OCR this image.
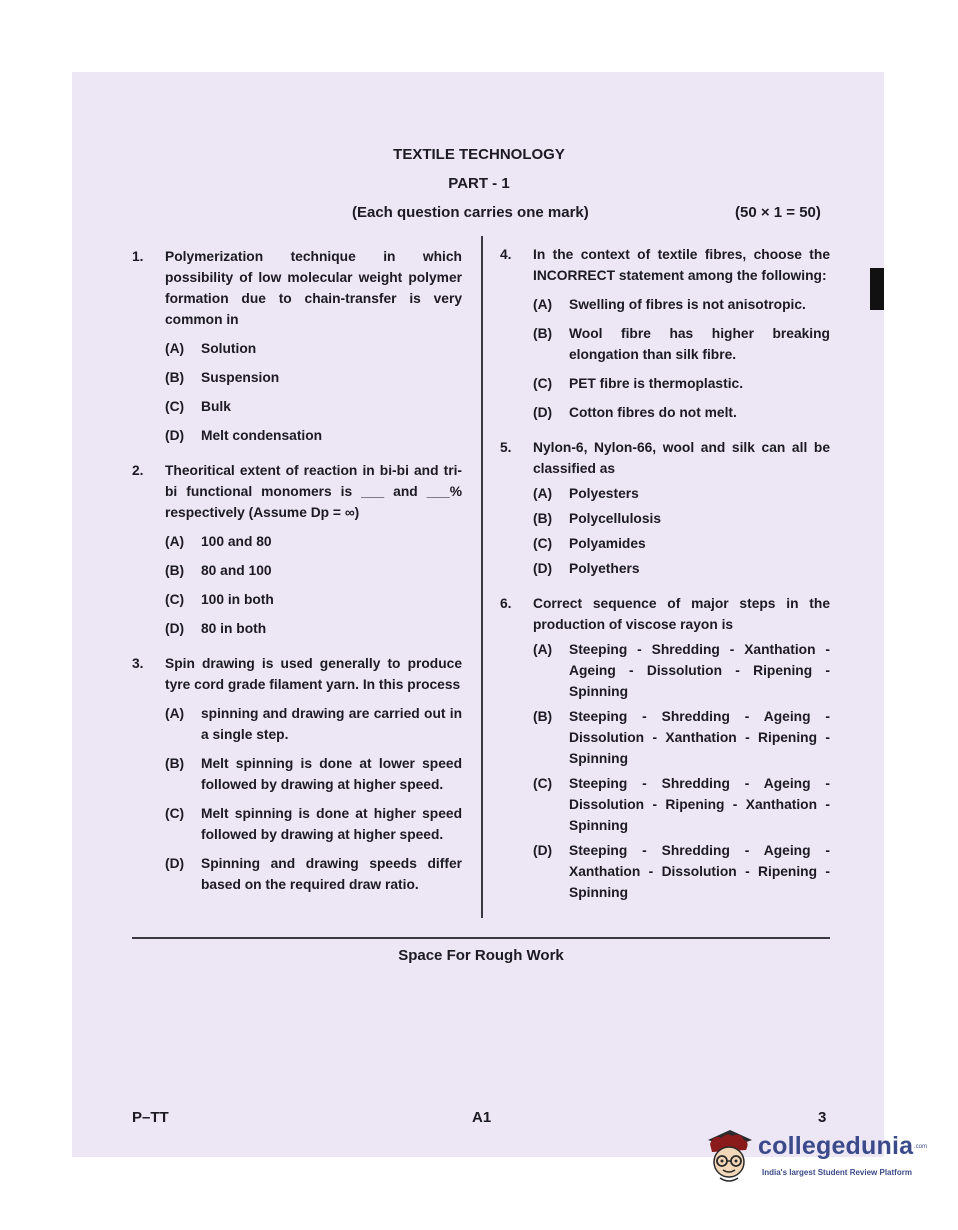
TEXTILE TECHNOLOGY
PART - 1
(Each question carries one mark)	(50 × 1 = 50)
1. Polymerization technique in which possibility of low molecular weight polymer formation due to chain-transfer is very common in
(A) Solution
(B) Suspension
(C) Bulk
(D) Melt condensation
2. Theoritical extent of reaction in bi-bi and tri-bi functional monomers is ___ and ___% respectively (Assume Dp = ∞)
(A) 100 and 80
(B) 80 and 100
(C) 100 in both
(D) 80 in both
3. Spin drawing is used generally to produce tyre cord grade filament yarn. In this process
(A) spinning and drawing are carried out in a single step.
(B) Melt spinning is done at lower speed followed by drawing at higher speed.
(C) Melt spinning is done at higher speed followed by drawing at higher speed.
(D) Spinning and drawing speeds differ based on the required draw ratio.
4. In the context of textile fibres, choose the INCORRECT statement among the following:
(A) Swelling of fibres is not anisotropic.
(B) Wool fibre has higher breaking elongation than silk fibre.
(C) PET fibre is thermoplastic.
(D) Cotton fibres do not melt.
5. Nylon-6, Nylon-66, wool and silk can all be classified as
(A) Polyesters
(B) Polycellulosis
(C) Polyamides
(D) Polyethers
6. Correct sequence of major steps in the production of viscose rayon is
(A) Steeping - Shredding - Xanthation - Ageing - Dissolution - Ripening - Spinning
(B) Steeping - Shredding - Ageing - Dissolution - Xanthation - Ripening - Spinning
(C) Steeping - Shredding - Ageing - Dissolution - Ripening - Xanthation - Spinning
(D) Steeping - Shredding - Ageing - Xanthation - Dissolution - Ripening - Spinning
Space For Rough Work
P–TT	A1	3
collegedunia .com
India's largest Student Review Platform
